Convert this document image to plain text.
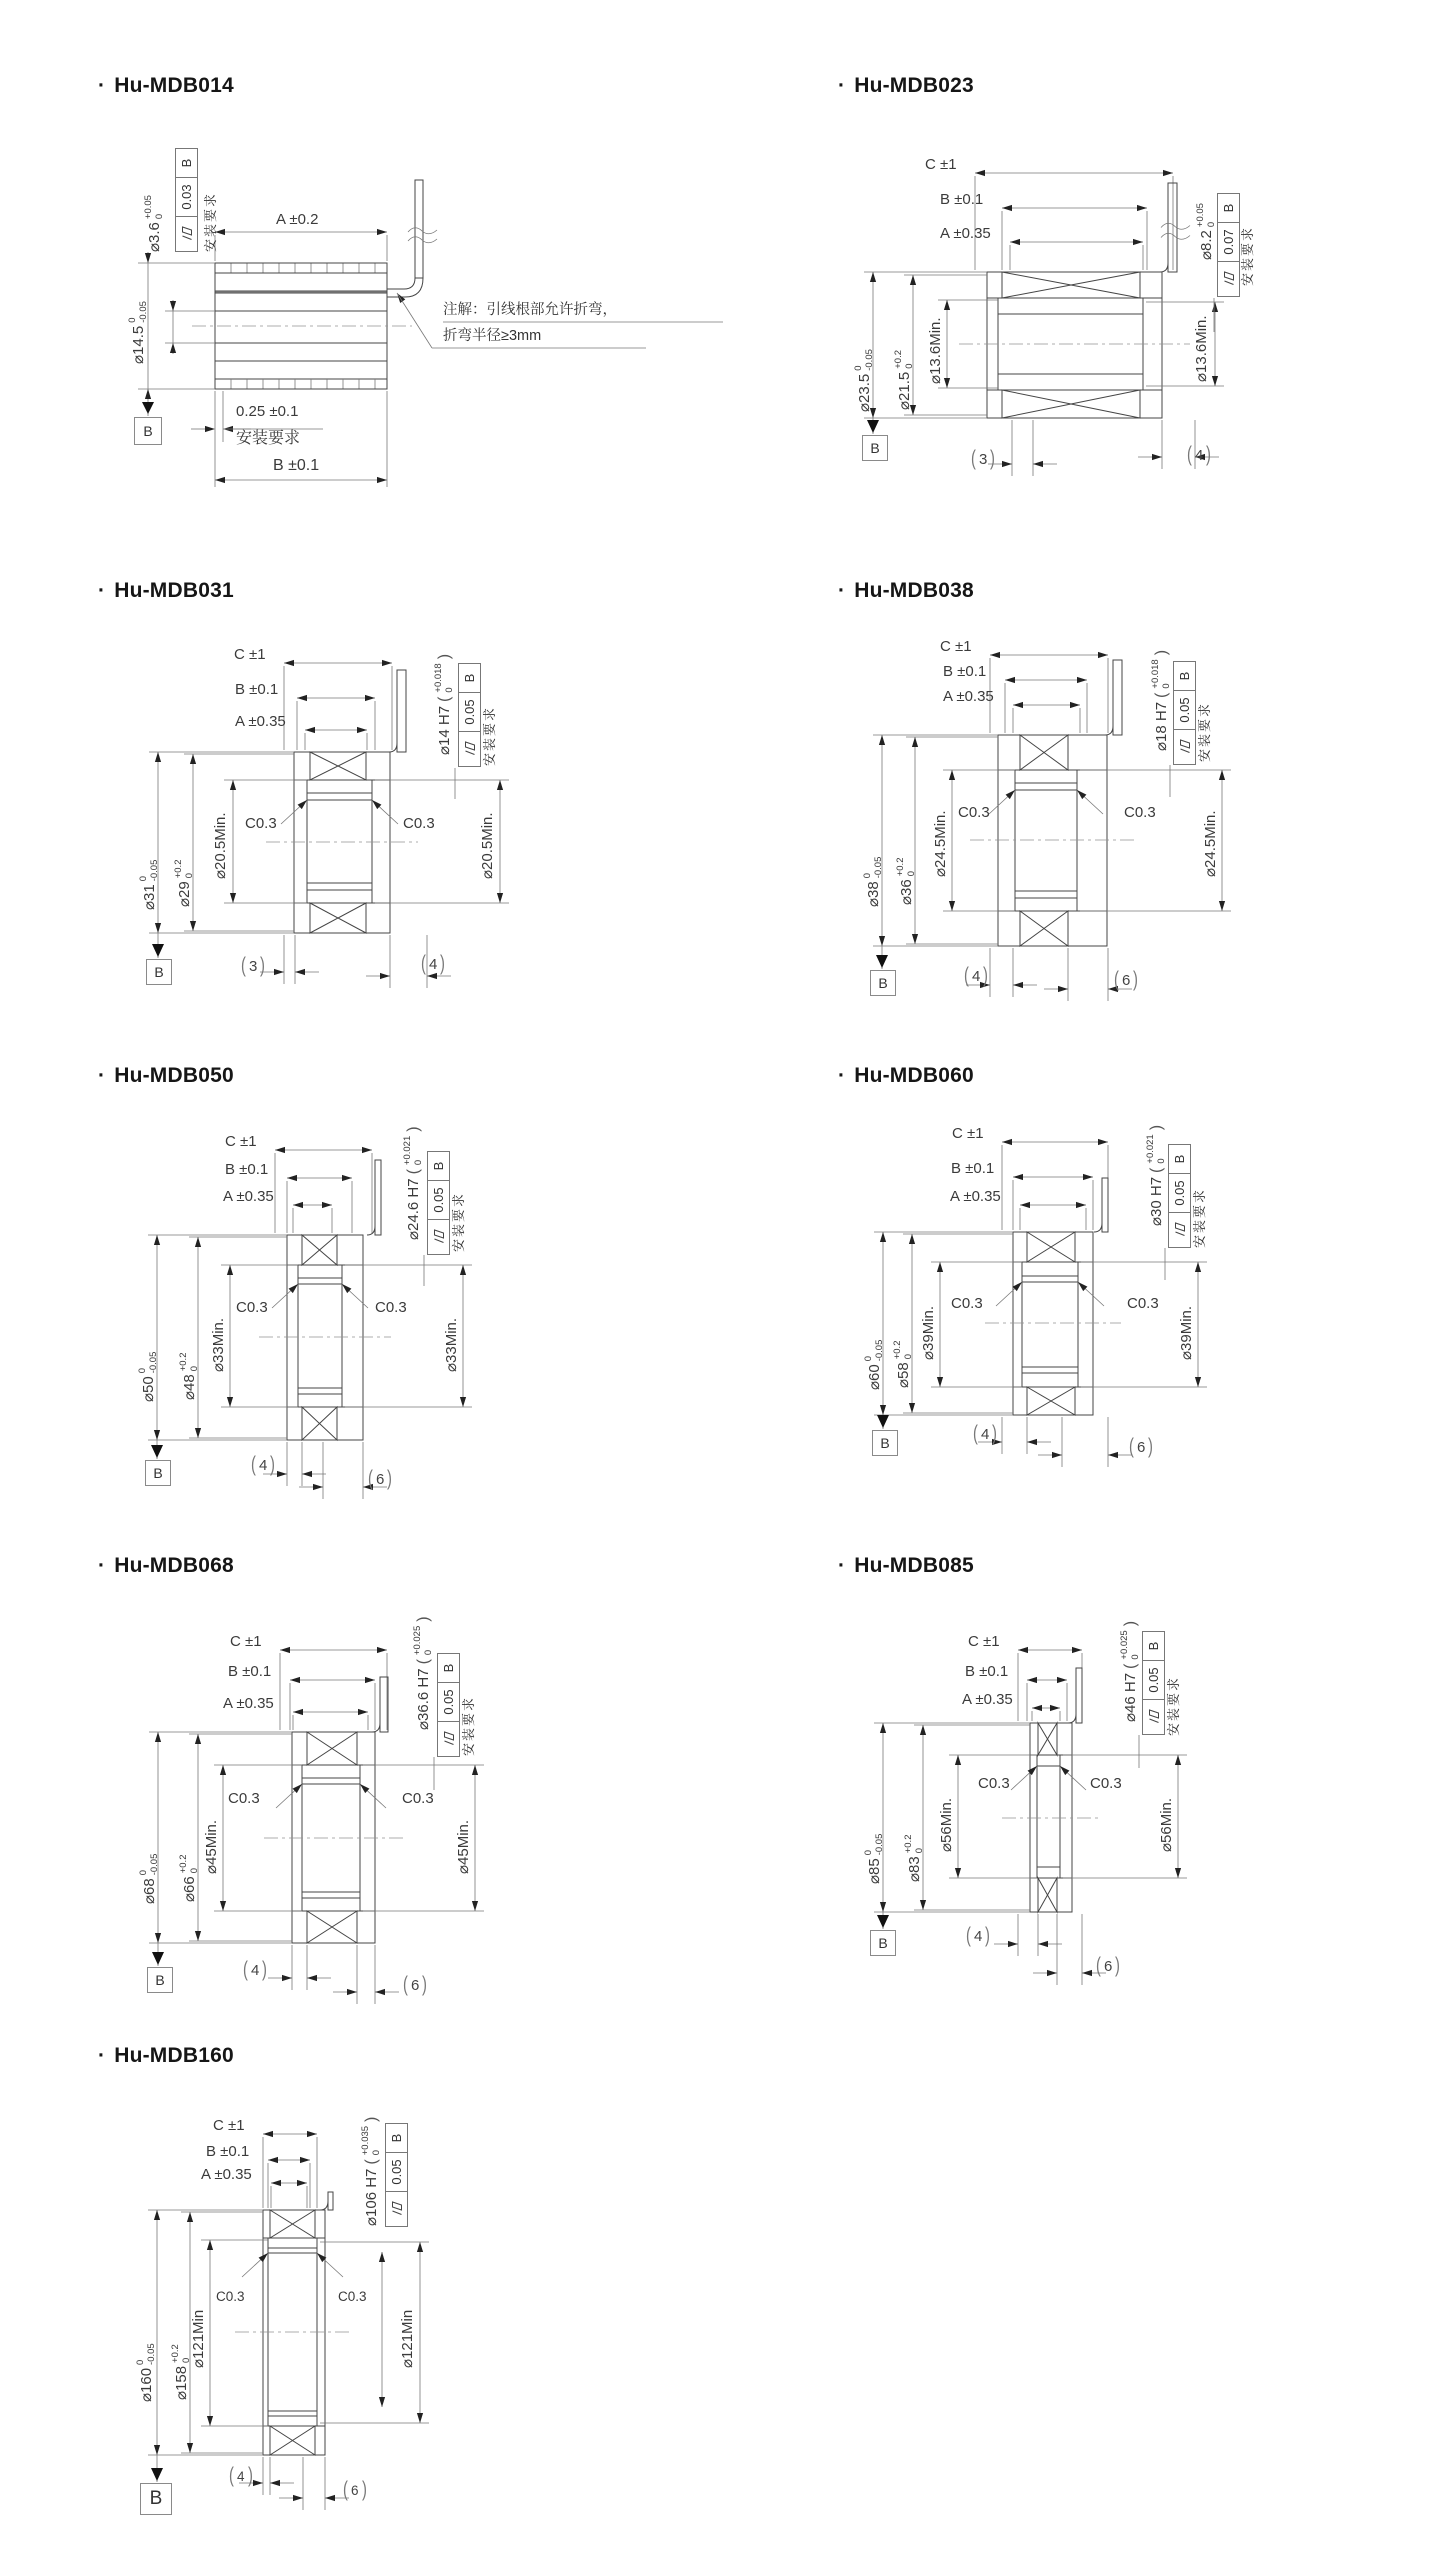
· Hu-MDB014
A ±0.2
⌀3.6
+0.05 0
0.03
B
安装要求
⌀14.5
0 -0.05	注解：引线根部允许折弯，
折弯半径≥3mm
0.25 ±0.1
安装要求
B ±0.1
B
· Hu-MDB023
C ±1
B ±0.1
A ±0.35
⌀23.5
0 -0.05
⌀21.5
+0.2 0 ⌀13.6Min.	⌀13.6Min.
⌀8.2
+0.05 0
0.07
B
安装要求
( 3 )	( 4 )
B
· Hu-MDB031
C ±1
B ±0.1
A ±0.35
⌀31
0 -0.05
⌀29
+0.2 0 ⌀20.5Min.	⌀20.5Min.
⌀14 H7
(
+0.018 0
)
0.05
B
安装要求
C0.3	C0.3
( 3 )	( 4 )
B
· Hu-MDB038
C ±1
B ±0.1
A ±0.35
⌀38
0 -0.05
⌀36
+0.2 0 ⌀24.5Min.	⌀24.5Min.
⌀18 H7
(
+0.018 0
)
0.05
B
安装要求
C0.3	C0.3
( 4 )	( 6 )
B
· Hu-MDB050
C ±1
B ±0.1
A ±0.35
⌀50
0 -0.05
⌀48
+0.2 0 ⌀33Min.	⌀33Min.
⌀24.6 H7
(
+0.021 0
)
0.05
B
安装要求
C0.3	C0.3
( 4 )
( 6 )
B
· Hu-MDB060
C ±1
B ±0.1
A ±0.35
⌀60
0 -0.05
⌀58
+0.2 0 ⌀39Min.	⌀39Min.
⌀30 H7
(
+0.021 0
)
0.05
B
安装要求
C0.3	C0.3
( 4 )
( 6 )
B
· Hu-MDB068
C ±1
B ±0.1
A ±0.35
⌀68
0 -0.05
⌀66
+0.2 0 ⌀45Min.	⌀45Min.
⌀36.6 H7
(
+0.025 0
)
0.05
B
安装要求
C0.3	C0.3
( 4 )
( 6 )
B
· Hu-MDB085
C ±1
B ±0.1
A ±0.35
⌀85
0 -0.05
⌀83
+0.2 0 ⌀56Min.	⌀56Min.
⌀46 H7
(
+0.025 0
)
0.05
B
安装要求
C0.3	C0.3
( 4 )
( 6 )
B
· Hu-MDB160
C ±1
B ±0.1
A ±0.35
⌀160
0 -0.05
⌀158
+0.2 0
⌀121Min	⌀121Min
⌀106 H7
(
+0.035 0
)
0.05
B
C0.3	C0.3
( 4 )
( 6 )
B
